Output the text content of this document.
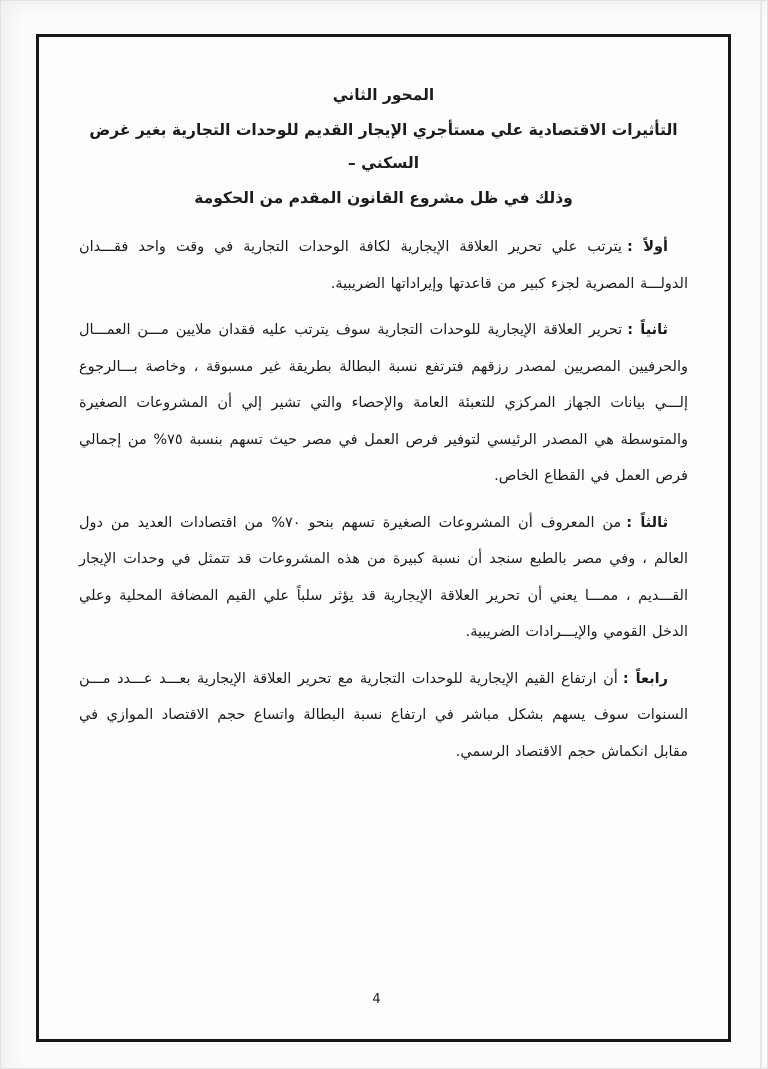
المحور الثاني
التأثيرات الاقتصادية علي مستأجري الإيجار القديم للوحدات التجارية بغير غرض السكني –
وذلك في ظل مشروع القانون المقدم من الحكومة

أولاً :يترتب علي تحرير العلاقة الإيجارية لكافة الوحدات التجارية في وقت واحد فقـــدان الدولـــة المصرية لجزء كبير من قاعدتها وإيراداتها الضريبية.

ثانياً :تحرير العلاقة الإيجارية للوحدات التجارية سوف يترتب عليه فقدان ملايين مـــن العمـــال والحرفيين المصريين لمصدر رزقهم فترتفع نسبة البطالة بطريقة غير مسبوقة ، وخاصة بـــالرجوع إلـــي بيانات الجهاز المركزي للتعبئة العامة والإحصاء والتي تشير إلي أن المشروعات الصغيرة والمتوسطة هي المصدر الرئيسي لتوفير فرص العمل في مصر حيث تسهم بنسبة ٧٥% من إجمالي فرص العمل في القطاع الخاص.

ثالثاً :من المعروف أن المشروعات الصغيرة تسهم بنحو ٧٠% من اقتصادات العديد من دول العالم ، وفي مصر بالطبع سنجد أن نسبة كبيرة من هذه المشروعات قد تتمثل في وحدات الإيجار القـــديم ، ممـــا يعني أن تحرير العلاقة الإيجارية قد يؤثر سلباً علي القيم المضافة المحلية وعلي الدخل القومي والإيـــرادات الضريبية.

رابعاً :أن ارتفاع القيم الإيجارية للوحدات التجارية مع تحرير العلاقة الإيجارية بعـــد عـــدد مـــن السنوات سوف يسهم بشكل مباشر في ارتفاع نسبة البطالة واتساع حجم الاقتصاد الموازي في مقابل انكماش حجم الاقتصاد الرسمي.

4
